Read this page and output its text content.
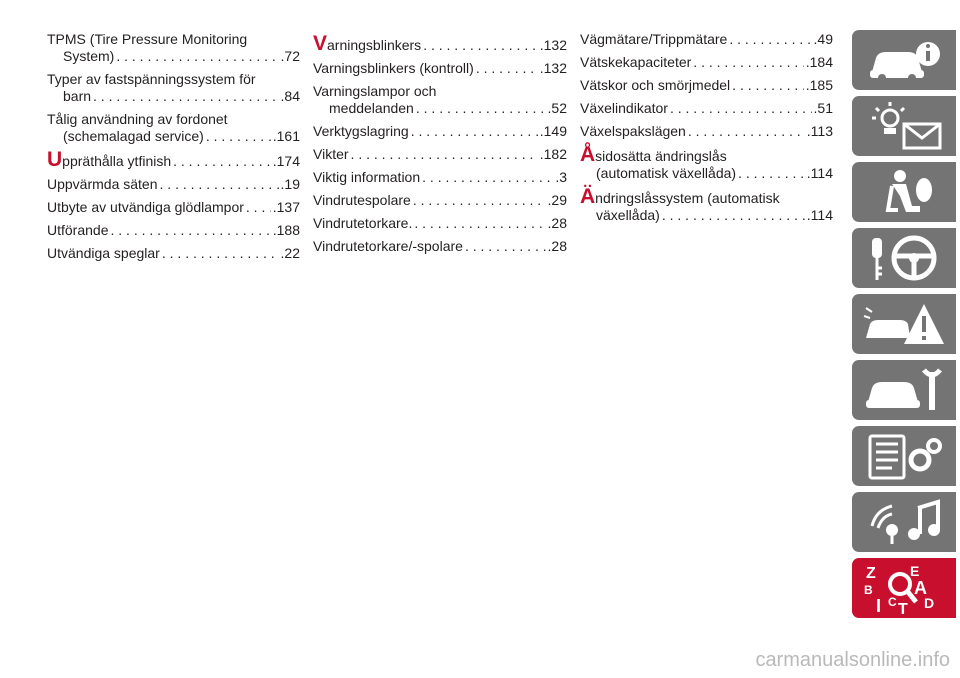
TPMS (Tire Pressure Monitoring
System) . . .	.72
Typer av fastspänningssystem för
barn . . .	.84
Tålig användning av fordonet
(schemalagad service) . . .	.161
U ppräthålla ytfinish . . .	.174
Uppvärmda säten . . .	.19
Utbyte av utvändiga glödlampor . . . .137
Utförande . . .	.188
Utvändiga speglar . . .	.22
V arningsblinkers . . .	.132
Varningsblinkers (kontroll) . . .	.132
Varningslampor och
meddelanden . . .	.52
Verktygslagring . . .	.149
Vikter . . .	.182
Viktig information . . .	.3
Vindrutespolare . . .	.29
Vindrutetorkare. . . .	.28
Vindrutetorkare/-spolare . . .	.28
Vägmätare/Trippmätare . . .	.49
Vätskekapaciteter . . .	.184
Vätskor och smörjmedel . . .	.185
Växelindikator . . .	.51
Växelspakslägen . . .	.113
Å sidosätta ändringslås
(automatisk växellåda) . . .	.114
Ä ndringslåssystem (automatisk
växellåda) . . .	.114
Z E
B A
I C D
T
carmanualsonline.info
